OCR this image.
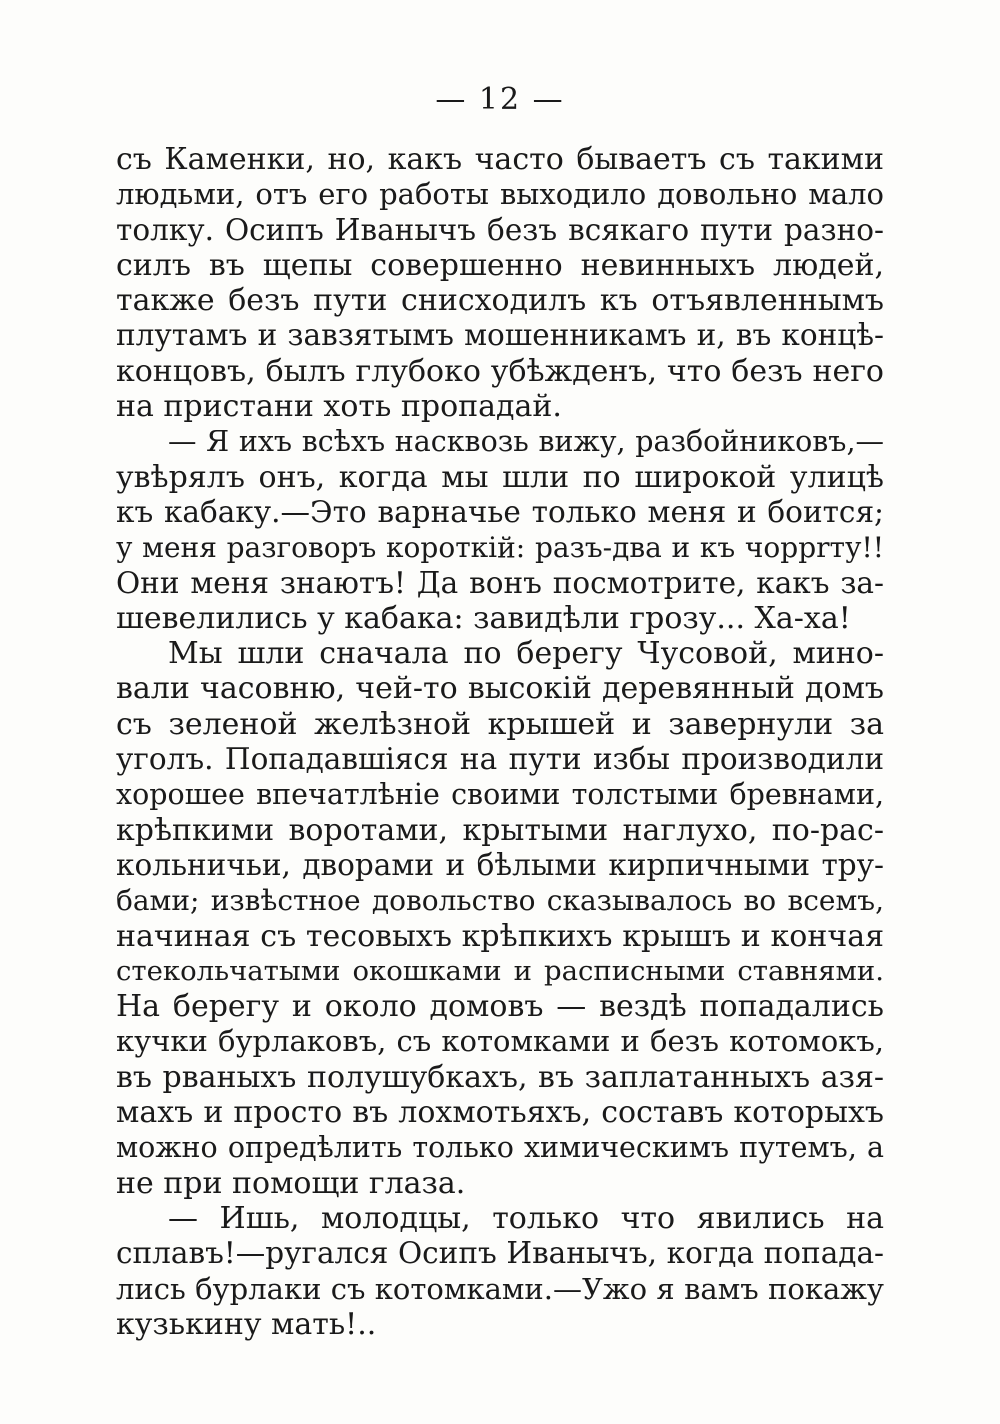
— 12 —
съ Каменки, но, какъ часто бываетъ съ такими
людьми, отъ его работы выходило довольно мало
толку. Осипъ Иванычъ безъ всякаго пути разно-
силъ въ щепы совершенно невинныхъ людей,
также безъ пути снисходилъ къ отъявленнымъ
плутамъ и завзятымъ мошенникамъ и, въ концѣ-
концовъ, былъ глубоко убѣжденъ, что безъ него
на пристани хоть пропадай.
— Я ихъ всѣхъ насквозь вижу, разбойниковъ,—
увѣрялъ онъ, когда мы шли по широкой улицѣ
къ кабаку.—Это варначье только меня и боится;
у меня разговоръ короткій: разъ-два и къ чоррrту!!
Они меня знаютъ! Да вонъ посмотрите, какъ за-
шевелились у кабака: завидѣли грозу... Ха-ха!
Мы шли сначала по берегу Чусовой, мино-
вали часовню, чей-то высокій деревянный домъ
съ зеленой желѣзной крышей и завернули за
уголъ. Попадавшіяся на пути избы производили
хорошее впечатлѣніе своими толстыми бревнами,
крѣпкими воротами, крытыми наглухо, по-рас-
кольничьи, дворами и бѣлыми кирпичными тру-
бами; извѣстное довольство сказывалось во всемъ,
начиная съ тесовыхъ крѣпкихъ крышъ и кончая
стекольчатыми окошками и расписными ставнями.
На берегу и около домовъ — вездѣ попадались
кучки бурлаковъ, съ котомками и безъ котомокъ,
въ рваныхъ полушубкахъ, въ заплатанныхъ азя-
махъ и просто въ лохмотьяхъ, составъ которыхъ
можно опредѣлить только химическимъ путемъ, а
не при помощи глаза.
— Ишь, молодцы, только что явились на
сплавъ!—ругался Осипъ Иванычъ, когда попада-
лись бурлаки съ котомками.—Ужо я вамъ покажу
кузькину мать!..
